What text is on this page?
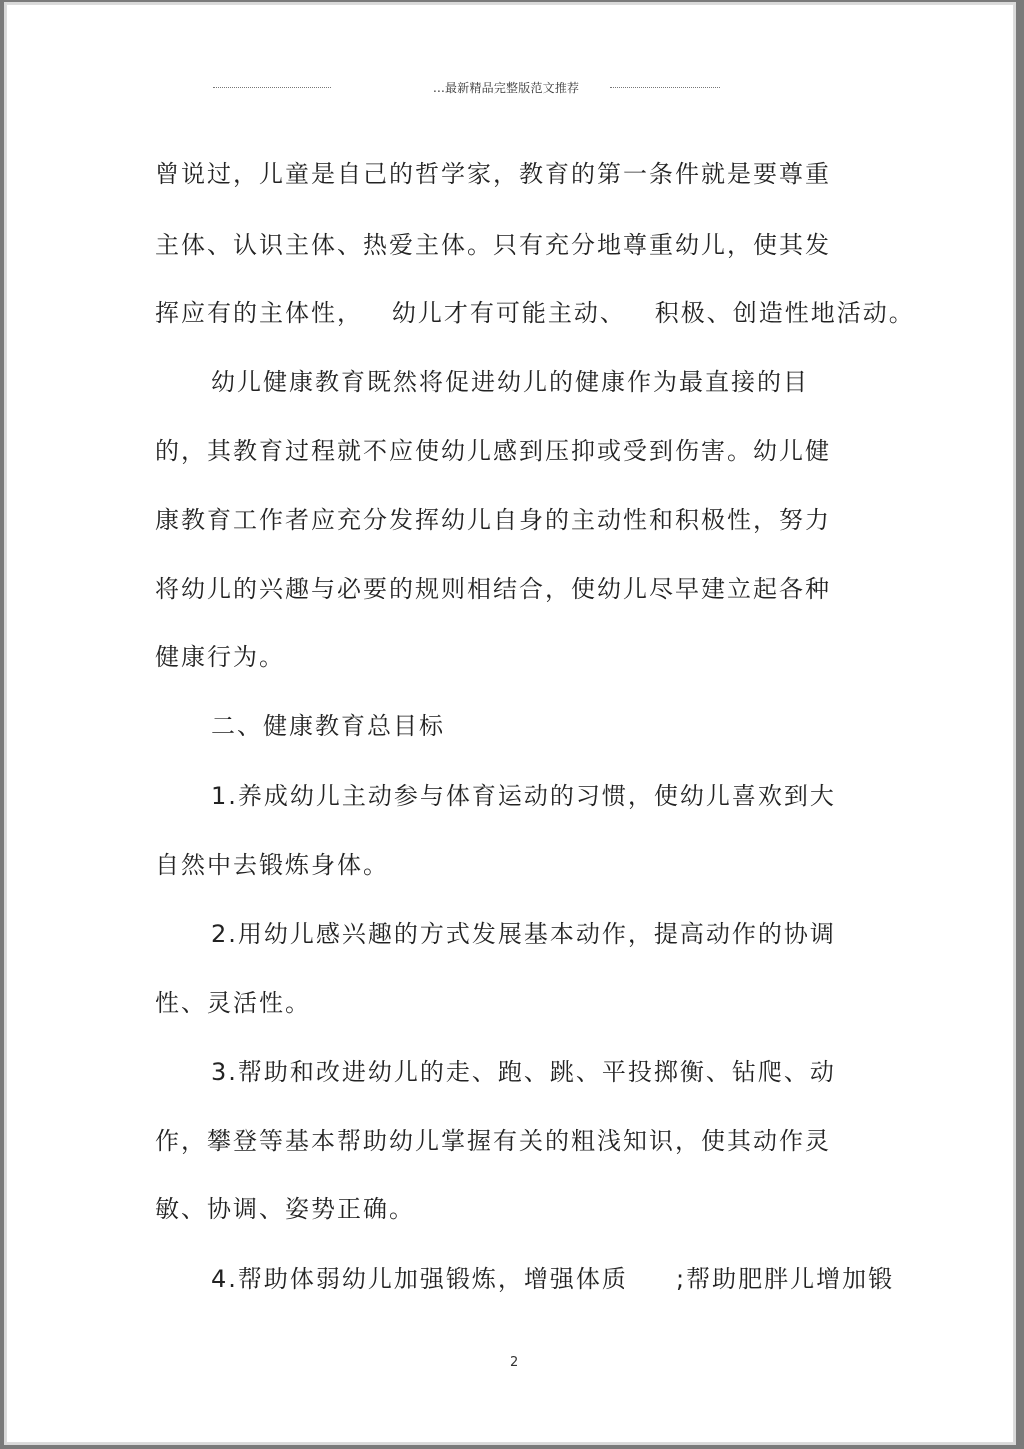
...最新精品完整版范文推荐
曾说过，儿童是自己的哲学家，教育的第一条件就是要尊重
主体、认识主体、热爱主体。只有充分地尊重幼儿，使其发
挥应有的主体性，   幼儿才有可能主动、   积极、创造性地活动。
幼儿健康教育既然将促进幼儿的健康作为最直接的目
的，其教育过程就不应使幼儿感到压抑或受到伤害。幼儿健
康教育工作者应充分发挥幼儿自身的主动性和积极性，努力
将幼儿的兴趣与必要的规则相结合，使幼儿尽早建立起各种
健康行为。
二、健康教育总目标
1.养成幼儿主动参与体育运动的习惯，使幼儿喜欢到大
自然中去锻炼身体。
2.用幼儿感兴趣的方式发展基本动作，提高动作的协调
性、灵活性。
3.帮助和改进幼儿的走、跑、跳、平投掷衡、钻爬、动
作，攀登等基本帮助幼儿掌握有关的粗浅知识，使其动作灵
敏、协调、姿势正确。
4.帮助体弱幼儿加强锻炼，增强体质     ;帮助肥胖儿增加锻
2
